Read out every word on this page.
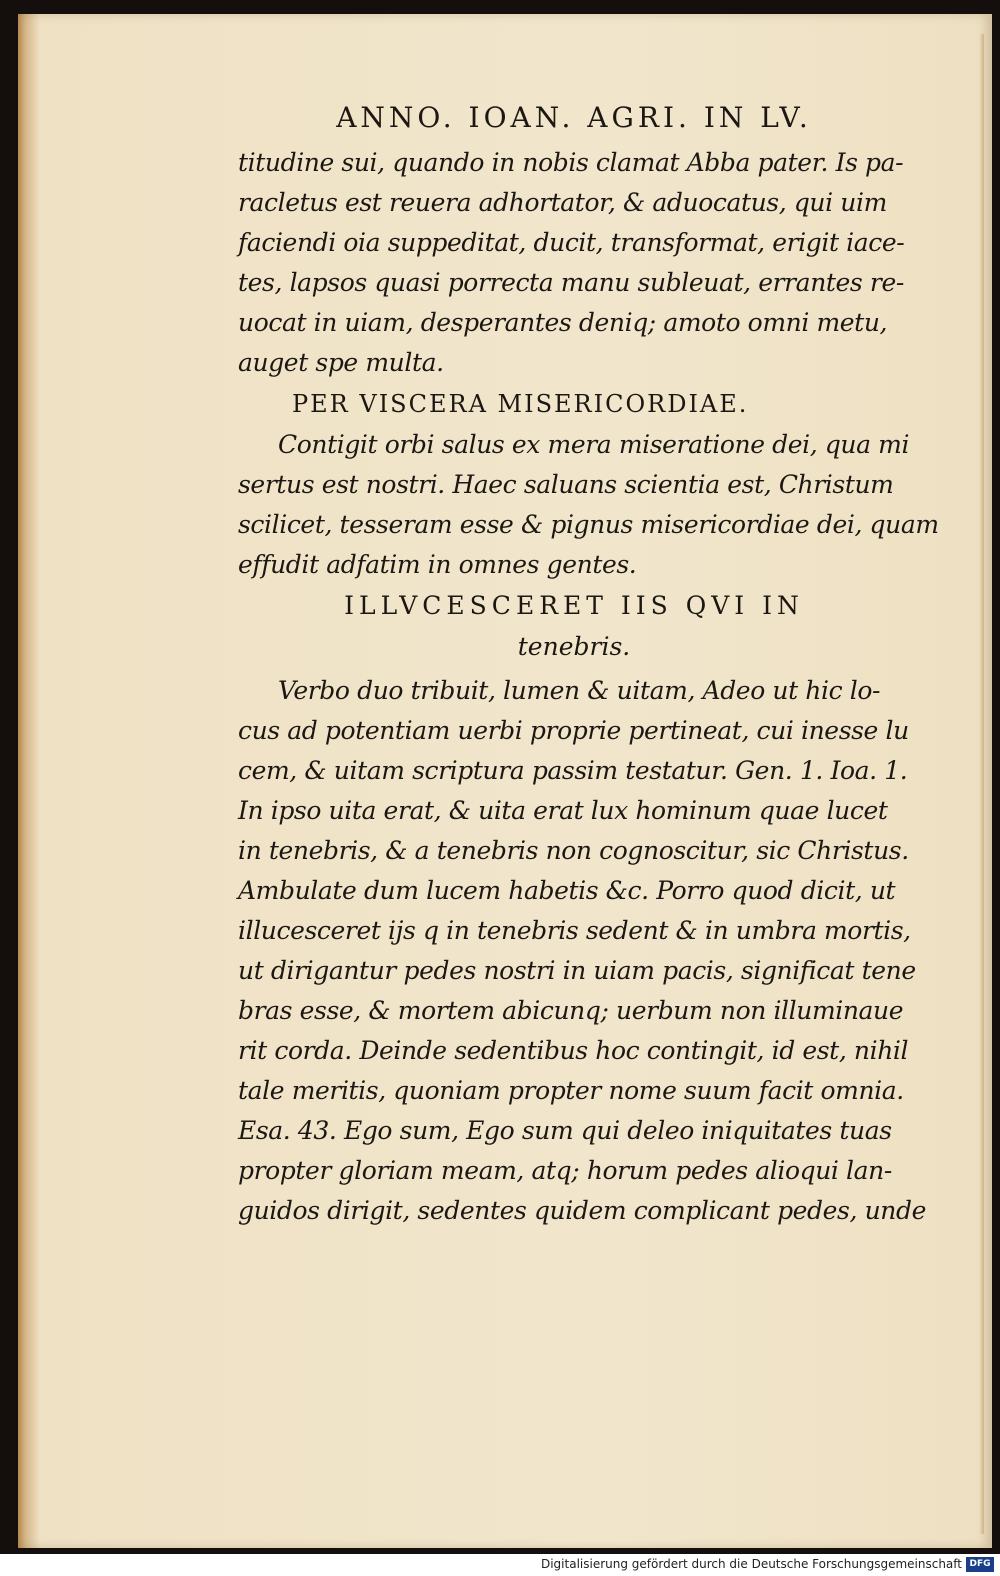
ANNO. IOAN. AGRI. IN LV.
titudine sui, quando in nobis clamat Abba pater. Is pa-
racletus est reuera adhortator, & aduocatus, qui uim
faciendi oia suppeditat, ducit, transformat, erigit iace-
tes, lapsos quasi porrecta manu subleuat, errantes re-
uocat in uiam, desperantes deniq; amoto omni metu,
auget spe multa.
PER VISCERA MISERICORDIAE.
Contigit orbi salus ex mera miseratione dei, qua mi
sertus est nostri. Haec saluans scientia est, Christum
scilicet, tesseram esse & pignus misericordiae dei, quam
effudit adfatim in omnes gentes.
ILLVCESCERET IIS QVI IN
tenebris.
Verbo duo tribuit, lumen & uitam, Adeo ut hic lo-
cus ad potentiam uerbi proprie pertineat, cui inesse lu
cem, & uitam scriptura passim testatur. Gen. 1. Ioa. 1.
In ipso uita erat, & uita erat lux hominum quae lucet
in tenebris, & a tenebris non cognoscitur, sic Christus.
Ambulate dum lucem habetis &c. Porro quod dicit, ut
illucesceret ijs q in tenebris sedent & in umbra mortis,
ut dirigantur pedes nostri in uiam pacis, significat tene
bras esse, & mortem abicunq; uerbum non illuminaue
rit corda. Deinde sedentibus hoc contingit, id est, nihil
tale meritis, quoniam propter nome suum facit omnia.
Esa. 43. Ego sum, Ego sum qui deleo iniquitates tuas
propter gloriam meam, atq; horum pedes alioqui lan-
guidos dirigit, sedentes quidem complicant pedes, unde
Digitalisierung gefördert durch die Deutsche Forschungsgemeinschaft DFG
